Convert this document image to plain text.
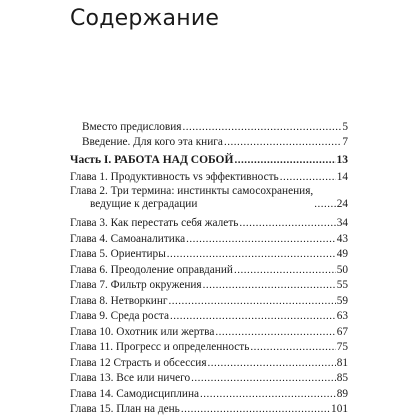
Содержание
Вместо предисловия .....	5
Введение. Для кого эта книга .....	7
Часть I. РАБОТА НАД СОБОЙ .....	13
Глава 1. Продуктивность vs эффективность .....	14
Глава 2. Три термина: инстинкты самосохранения,
ведущие к деградации .....	24
Глава 3. Как перестать себя жалеть .....	34
Глава 4. Самоаналитика .....	43
Глава 5. Ориентиры .....	49
Глава 6. Преодоление оправданий .....	50
Глава 7. Фильтр окружения .....	55
Глава 8. Нетворкинг .....	59
Глава 9. Среда роста .....	63
Глава 10. Охотник или жертва .....	67
Глава 11. Прогресс и определенность .....	75
Глава 12 Страсть и обсессия .....	81
Глава 13. Все или ничего .....	85
Глава 14. Самодисциплина .....	89
Глава 15. План на день .....	101
